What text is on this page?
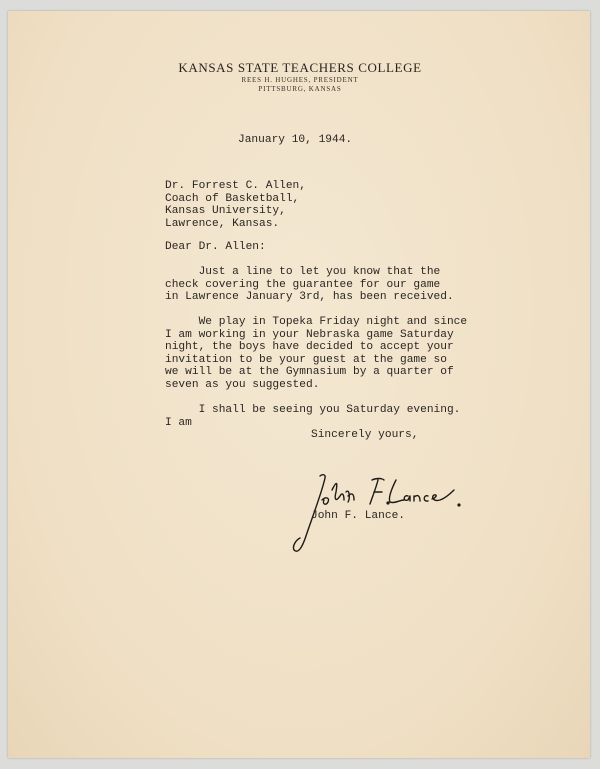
KANSAS STATE TEACHERS COLLEGE
REES H. HUGHES, PRESIDENT
PITTSBURG, KANSAS
January 10, 1944.
Dr. Forrest C. Allen,
Coach of Basketball,
Kansas University,
Lawrence, Kansas.
Dear Dr. Allen:
Just a line to let you know that the
check covering the guarantee for our game
in Lawrence January 3rd, has been received.
We play in Topeka Friday night and since
I am working in your Nebraska game Saturday
night, the boys have decided to accept your
invitation to be your guest at the game so
we will be at the Gymnasium by a quarter of
seven as you suggested.
I shall be seeing you Saturday evening.
I am
Sincerely yours,
John F. Lance.
